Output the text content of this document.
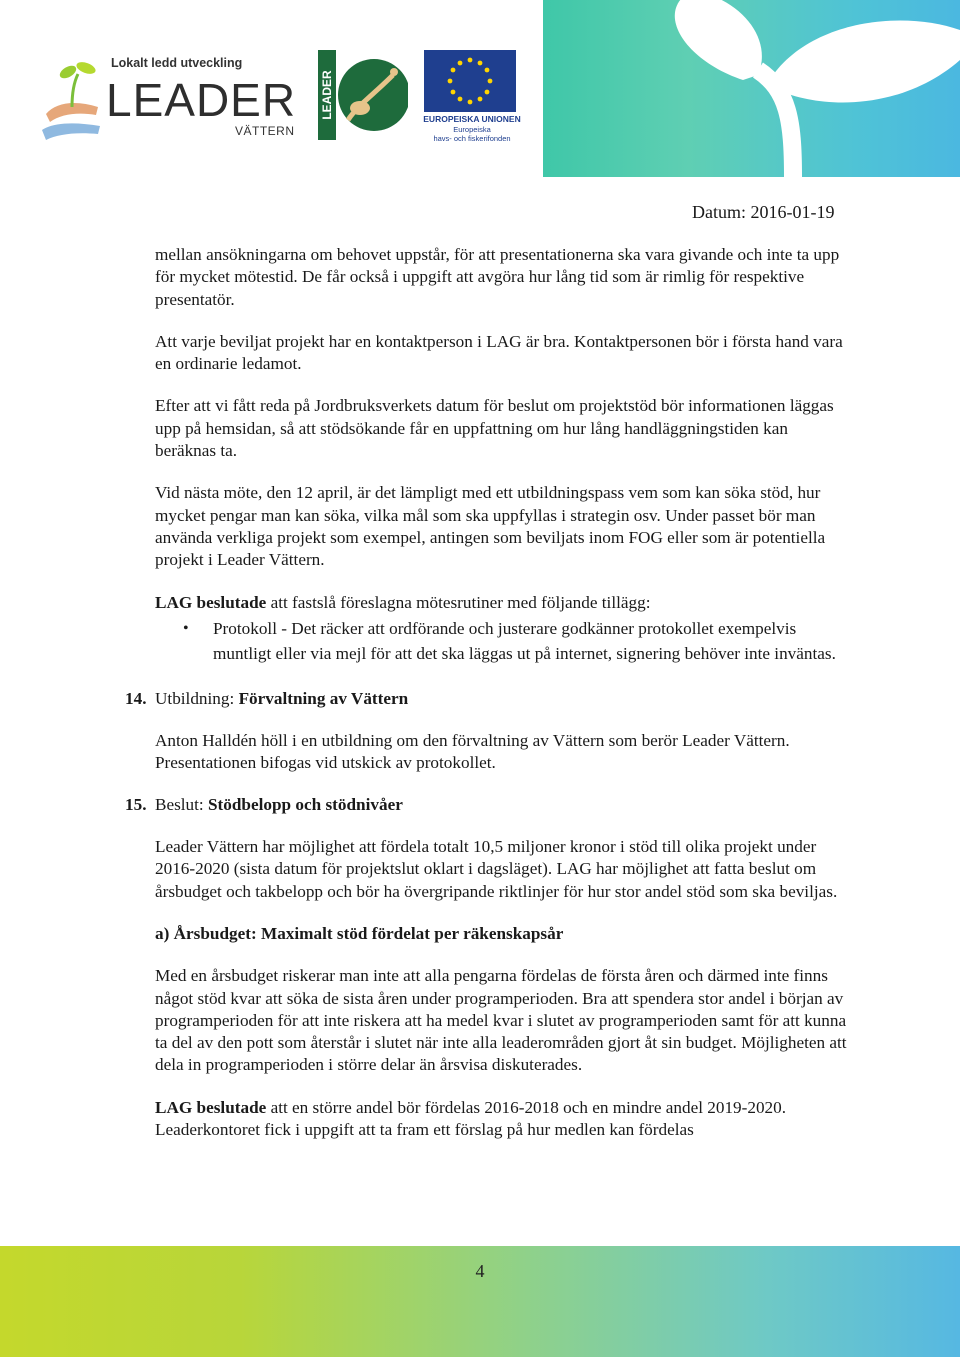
Lokalt ledd utveckling
LEADER
VÄTTERN
LEADER	EUROPEISKA UNIONEN
Europeiska
havs- och fiskerifonden
Datum: 2016-01-19

mellan ansökningarna om behovet uppstår, för att presentationerna ska vara givande och inte ta upp för mycket mötestid. De får också i uppgift att avgöra hur lång tid som är rimlig för respektive presentatör.

Att varje beviljat projekt har en kontaktperson i LAG är bra. Kontaktpersonen bör i första hand vara en ordinarie ledamot.

Efter att vi fått reda på Jordbruksverkets datum för beslut om projektstöd bör informationen läggas upp på hemsidan, så att stödsökande får en uppfattning om hur lång handläggningstiden kan beräknas ta.

Vid nästa möte, den 12 april, är det lämpligt med ett utbildningspass vem som kan söka stöd, hur mycket pengar man kan söka, vilka mål som ska uppfyllas i strategin osv. Under passet bör man använda verkliga projekt som exempel, antingen som beviljats inom FOG eller som är potentiella projekt i Leader Vättern.

LAG beslutade att fastslå föreslagna mötesrutiner med följande tillägg:

• Protokoll - Det räcker att ordförande och justerare godkänner protokollet exempelvis muntligt eller via mejl för att det ska läggas ut på internet, signering behöver inte inväntas.

14. Utbildning: Förvaltning av Vättern

Anton Halldén höll i en utbildning om den förvaltning av Vättern som berör Leader Vättern. Presentationen bifogas vid utskick av protokollet.

15. Beslut: Stödbelopp och stödnivåer

Leader Vättern har möjlighet att fördela totalt 10,5 miljoner kronor i stöd till olika projekt under 2016-2020 (sista datum för projektslut oklart i dagsläget). LAG har möjlighet att fatta beslut om årsbudget och takbelopp och bör ha övergripande riktlinjer för hur stor andel stöd som ska beviljas.

a) Årsbudget: Maximalt stöd fördelat per räkenskapsår

Med en årsbudget riskerar man inte att alla pengarna fördelas de första åren och därmed inte finns något stöd kvar att söka de sista åren under programperioden. Bra att spendera stor andel i början av programperioden för att inte riskera att ha medel kvar i slutet av programperioden samt för att kunna ta del av den pott som återstår i slutet när inte alla leaderområden gjort åt sin budget. Möjligheten att dela in programperioden i större delar än årsvisa diskuterades.

LAG beslutade att en större andel bör fördelas 2016-2018 och en mindre andel 2019-2020. Leaderkontoret fick i uppgift att ta fram ett förslag på hur medlen kan fördelas

4
